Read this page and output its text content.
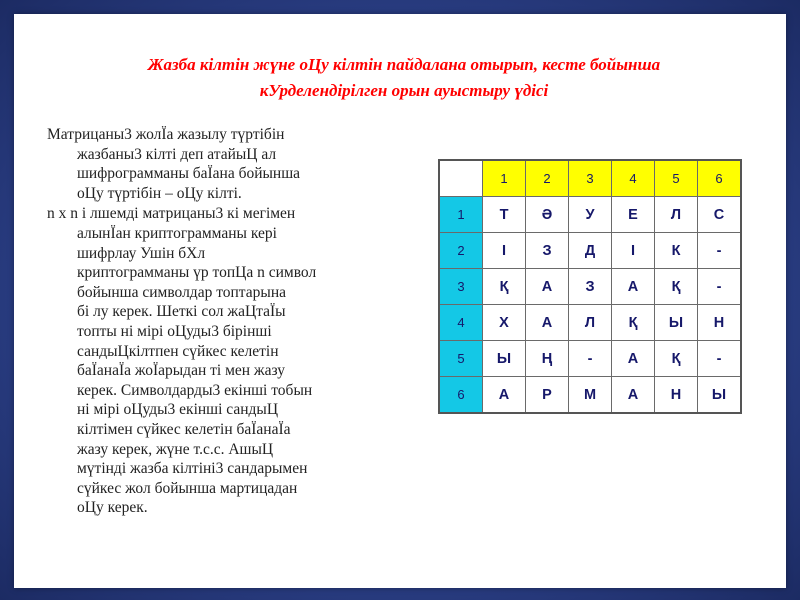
Жазба кілтін жүне оЦу кілтін пайдалана отырып, кесте бойынша
кУрделендірілген орын ауыстыру үдісі
Матрицаны3 жолЇа жазылу түртібін
жазбаны3 кілті деп атайыЦ ал
шифрограмманы баЇана бойынша
оЦу түртібін – оЦу кілті.
n х n і лшемді матрицаны3 кі мегімен
алынЇан криптограмманы кері
шифрлау Ушін бХл
криптограмманы үр топЦа n символ
бойынша символдар топтарына
бі лу керек. Шеткі сол жаЦтаЇы
топты ні мірі оЦуды3 бірінші
сандыЦкілтпен сүйкес келетін
баЇанаЇа жоЇарыдан ті мен жазу
керек. Символдарды3 екінші тобын
ні мірі оЦуды3 екінші сандыЦ
кілтімен сүйкес келетін баЇанаЇа
жазу керек, жүне т.с.с. АшыЦ
мүтінді жазба кілтіні3 сандарымен
сүйкес жол бойынша мартицадан
оЦу керек.
	1	2	3	4	5	6
1	Т	Ә	У	Е	Л	С
2	І	З	Д	І	К	-
3	Қ	А	З	А	Қ	-
4	Х	А	Л	Қ	Ы	Н
5	Ы	Ң	-	А	Қ	-
6	А	Р	М	А	Н	Ы
